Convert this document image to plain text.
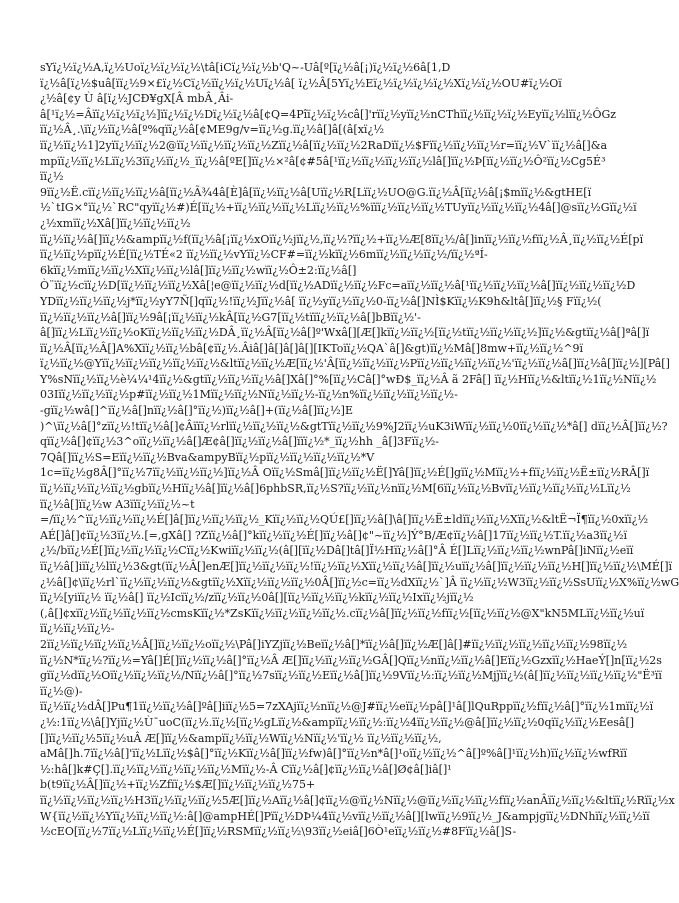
sYï¿½ï¿½A,ï¿½Uoï¿½ï¿½ï¿½\tâ[iCï¿½ï¿½b'Q~-Uâ[º[ï¿½â[¡)ï¿½ï¿½6â[1,D
ï¿½â[ï¿½$uâ[ïï¿½9×£ï¿½Cï¿½ïï¿½ï¿½Uï¿½â[ ï¿½Â[5Yï¿½Eï¿½ï¿½ï¿½ï¿½Xï¿½ï¿½OU#ï¿½Oï
¿½â[¢y Ù â[ï¿½JCÐ¥gX[Â mbÂ¸Âi-
â[¹ï¿½=Âïï¿½ï¿½ï¿½]ïï¿½ï¿½Dï¿½ï¿½â[¢Q=4Pîï¿½ï¿½câ[]'rïï¿½yïï¿½nCThïï¿½ïï¿½ï¿½Eyïï¿½lïï¿½ÔGz
ïï¿½Â¸.\ïï¿½ïï¿½â[º%qïï¿½â[¢ME9g/v=ïï¿½g.ïï¿½â[]â[(â[xï¿½
ïï¿½ïï¿½1]2yïï¿½ïï¿½2@ïï¿½ïï¿½ïï¿½ïï¿½Zïï¿½â[ïï¿½ïï¿½2RaDïï¿½$Fïï¿½ïï¿½ïï¿½r=ïï¿½V`ïï¿½â[]&a
mpïï¿½ïï¿½Lïï¿½3ïï¿½ïï¿½_ïï¿½â[ºE[]ïï¿½×²â[¢#5â[¹ïï¿½ïï¿½ïï¿½ïï¿½lâ[]ïï¿½Þ[ïï¿½ïï¿½Ô²ïï¿½Cg5É³
ïï¿½
9ïï¿½Ë.cïï¿½ïï¿½ïï¿½â[ïï¿½Ã¾4â[È]â[ïï¿½ïï¿½â[Uïï¿½R[Lïï¿½UO@G.ïï¿½Â[ïï¿½â[¡$mïï¿½&gtHE[ï
½`tIG×°ïï¿½`RC"qyïï¿½#)É[ïï¿½+ïï¿½ïï¿½ïï¿½Lïï¿½ïï¿½%ïïï¿½ïï¿½ïï¿½TUyïï¿½ïï¿½ïï¿½4â[]@sïï¿½Gïï¿½ï
¿½xmïï¿½Xâ[]ïï¿½ïï¿½ïï¿½
ïï¿½ïï¿½â[]ïï¿½&ampïï¿½f(ïï¿½â[¡ïï¿½xOïï¿½jïï¿½,ïï¿½?ïï¿½+ïï¿½Æ[8ïï¿½/â[]inïï¿½ïï¿½fïï¿½Â¸ïï¿½ïï¿½É[pï
ïï¿½ïï¿½pïï¿½É[ïï¿½TÉ«2 ïï¿½ïï¿½vYïï¿½CF#=ïï¿½kïï¿½6mïï¿½ïï¿½ïï¿½/ïï¿½ªÍ-
6kïï¿½mïï¿½ïï¿½Xïï¿½ïï¿½lâ[]ïï¿½ïï¿½wïï¿½Ô±2:ïï¿½â[]
Ò¨ïï¿½cïï¿½D[ïï¿½ïï¿½ïï¿½Xâ[¦e@ïï¿½ïï¿½d[ïï¿½ADïï¿½ïï¿½Fc=aïï¿½ïï¿½â[¹ïï¿½ïï¿½ïï¿½â[]ïï¿½ïï¿½ïï¿½D
YDïï¿½ïï¿½ïï¿½j*ïï¿½yY7Ñ[]qïï¿½!ïï¿½Jïï¿½â[ ïï¿½yïï¿½ïï¿½0-ïï¿½â[]NÌ$Kïï¿½K9h&ltâ[]ïï¿½§ Fïï¿½(
ïï¿½ïï¿½ïï¿½â[]ïï¿½9â[¡ïï¿½ïï¿½kÂ[ïï¿½G7[ïï¿½tïïï¿½ïï¿½â[]bBïï¿½'-
â[]ïï¿½Lïï¿½ïï¿½oKïï¿½ïï¿½ïï¿½DÂ¸ïï¿½Â[ïï¿½â[]º'Wxâ[][Æ[]kïï¿½ïï¿½[ïï¿½tïï¿½ïï¿½ïï¿½]ïï¿½&gtïï¿½â[]ªâ[]ï
ïï¿½Â[ïï¿½Â[]A%Xïï¿½ïï¿½bâ[¢ïï¿½.Âiâ[]â[]â[]â[][IKToïï¿½QA`â[]&gt)ïï¿½Mâ[]8mw+ïï¿½ïï¿½^9ï
ï¿½ïï¿½@Yïï¿½ïï¿½ïï¿½ïï¿½ïï¿½&ltïï¿½ïï¿½Æ[ïï¿½'Â[ïï¿½ïï¿½ïï¿½Pïï¿½ïï¿½ïï¿½ïï¿½'ïï¿½ïï¿½â[]ïï¿½â[]ïï¿½][Pâ[]
Y%sNïï¿½ïï¿½è¼¼¹4ïï¿½&gtïï¿½ïï¿½ïï¿½â[]Xâ[]°%[ïï¿½Câ[]°wÐ$_ïï¿½Â ã 2Fâ[] ïï¿½Hïï¿½&ltïï¿½1ïï¿½Nïï¿½
03Iïï¿½ïï¿½ïï¿½p#ïï¿½ïï¿½1Mïï¿½ïï¿½Nïï¿½ïï¿½-ïï¿½n%ïï¿½ïï¿½ïï¿½ïï¿½-
-gïï¿½wâ[]^ïï¿½â[]nïï¿½â[]°ïï¿½)ïï¿½â[]+(ïï¿½â[]ïï¿½]E
)^\ïï¿½â[]°zïï¿½!tïï¿½â[]¢Âïïï¿½rlïï¿½ïï¿½ïï¿½&gtTïï¿½ïï¿½9%J2ïï¿½uK3iWïï¿½ïï¿½0ïï¿½ïï¿½*â[] dïï¿½Â[]ïï¿½?
qïï¿½â[]¢ïï¿½3^oïï¿½ïï¿½â[]Æ¢â[]ïï¿½ïï¿½â[]ïïï¿½*_ïï¿½hh _â[]3Fïï¿½-
7Qâ[]ïï¿½S=Eïï¿½ïï¿½Bva&ampyBïï¿½pïï¿½ïï¿½ïï¿½ïï¿½*V
1c=ïï¿½g8Â[]°ïï¿½7ïï¿½ïï¿½ïï¿½]ïï¿½Â Oïï¿½Smâ[]ïï¿½ïï¿½Ë[]Yâ[]ïï¿½É[]gïï¿½Mïï¿½+fïï¿½ïï¿½Ë±ïï¿½RÂ[]ï
ïï¿½ïï¿½ïï¿½ïï¿½gbïï¿½Hïï¿½â[]ïï¿½â[]6phbSR,ïï¿½S?ïï¿½ïï¿½nïï¿½M[6ïï¿½ïï¿½Bvïï¿½ïï¿½ïï¿½ïï¿½Lïï¿½
ïï¿½â[]ïï¿½w A3ïïï¿½ïï¿½~t
=/ïï¿½^ïï¿½ïï¿½ïï¿½É[]â[]ïï¿½ïï¿½ïï¿½_Kïï¿½ïï¿½QÚ£[]ïï¿½â[]\â[]ïï¿½Ë±ldïï¿½ïï¿½Xïï¿½&ltË¬Ï¶ïï¿½0xïï¿½
AÉ[]â[]¢ïï¿½3ïï¿½.[=,gXâ[] ?Zïï¿½â[]°kïï¿½ïï¿½É[]ïï¿½â[]¢"~ïï¿½]Ý°B/Æ¢ïï¿½â[]17ïï¿½ïï¿½T.ïï¿½a3ïï¿½ï
¿½/bïï¿½É[]ïï¿½ïï¿½ïï¿½Cïï¿½Kwiïï¿½ïï¿½(â[][ïï¿½Dâ[]tâ[]Ï½Hïï¿½â[]°Â É[]Lïï¿½ïï¿½ïï¿½wnPâ[]iNïï¿½eïï
ïï¿½â[]iïï¿½lïï¿½3&gt(ïï¿½Â[]enÆ[]ïï¿½ïï¿½ïï¿½!ïï¿½ïï¿½Xïï¿½ïï¿½â[]ïï¿½uïï¿½â[]ïï¿½ïï¿½ïï¿½H[]ïï¿½ïï¿½\MÉ[]ï
¿½â[]¢\ïï¿½rl`ïï¿½ïï¿½ïï¿½&gtïï¿½Xïï¿½ïï¿½ïï¿½0Â[]ïï¿½c=ïï¿½dXïï¿½`]Â ïï¿½ïï¿½W3ïï¿½ïï¿½SsUïï¿½X%ïï¿½wG
ïï¿½[yiïï¿½ ïï¿½â[] ïï¿½Icïï¿½/zïï¿½ïï¿½0â[][ïï¿½ïï¿½ïï¿½kïï¿½ïï¿½Ixïï¿½jïï¿½
(,â[]¢xïï¿½ïï¿½ïï¿½ïï¿½cmsKïï¿½*ZsKïï¿½ïï¿½ïï¿½ïï¿½.cïï¿½â[]ïï¿½ïï¿½fïï¿½[ïï¿½ïï¿½@X"kN5MLïï¿½ïï¿½uï
ïï¿½ïï¿½ïï¿½-
2ïï¿½ïï¿½ïï¿½ïï¿½Â[]ïï¿½ïï¿½oïï¿½\Pâ[]iYZjïï¿½Beïï¿½â[]*ïï¿½â[]ïï¿½Æ[]â[]#ïï¿½ïï¿½ïï¿½ïï¿½ïï¿½98ïï¿½
ïï¿½N*ïï¿½?ïï¿½=Yâ[]É[]ïï¿½ïï¿½â[]°ïï¿½Â Æ[]ïï¿½ïï¿½ïï¿½GÂ[]Qïï¿½nïï¿½ïï¿½â[]Eïï¿½Gzxïï¿½HaeÝ[]n[ïï¿½2s
gïï¿½dïï¿½Oïï¿½ïï¿½ïï¿½/Nïï¿½â[]°ïï¿½7sïï¿½ïï¿½Eïï¿½â[]ïï¿½9Vïï¿½:ïï¿½ïï¿½Mjj̈ïï¿½(â[]ïï¿½ïï¿½ïï¿½ïï¿½"Ë³ïï
ïï¿½@)-
ïï¿½ïï¿½dÂ[]Pu¶1ïï¿½ïï¿½â[]ºâ[]iïï¿½5=7zXAjïï¿½nïï¿½@J#ïï¿½eïï¿½pâ[]¹â[]lQuRppïï¿½fïï¿½â[]°ïï¿½1mïï¿½ï
¿½:1ïï¿½\â[]Yjïï¿½Ù¯uoC(ïï¿½.ïï¿½[ïï¿½gLïï¿½&ampïï¿½ïï¿½:ïï¿½4ïï¿½ïï¿½@â[]ïï¿½ïï¿½0qïï¿½ïï¿½Eesâ[]
[]ïï¿½ïï¿½5ïï¿½uÂ Æ[]ïï¿½&ampïï¿½ïï¿½Wïï¿½Nïï¿½'ïï¿½ ïï¿½ïï¿½ïï¿½,
aMâ[]h.7ïï¿½â[]'ïï¿½Lïï¿½$â[]°ïï¿½Kïï¿½â[]ïï¿½fw)â[]°ïï¿½n*â[]¹oïï¿½ïï¿½^â[]º%â[]¹ïï¿½h)ïï¿½ïï¿½wfRïï
½:hâ[]k#Ç[].ïï¿½ïï¿½ïï¿½ïï¿½ïï¿½Mïï¿½-Â Cïï¿½â[]¢ïï¿½ïï¿½â[]Ø¢â[]iâ[]¹
b(t9ïï¿½Â[]ïï¿½+ïï¿½Zfïï¿½$Æ[]ïï¿½ïï¿½ïï¿½75+
ïï¿½ïï¿½ïï¿½ïï¿½H3ïï¿½ïï¿½ïï¿½5Æ[]ïï¿½Aïï¿½â[]¢ïï¿½@ïï¿½Nïï¿½@ïï¿½ïï¿½ïï¿½fïï¿½anÂïï¿½ïï¿½&ltïï¿½Rïï¿½x
W{ïï¿½ïï¿½Yïï¿½ïï¿½ïï¿½:â[]@ampHÉ[]Pïï¿½DÞ¼4ïï¿½vïï¿½ïï¿½â[][lwïï¿½9ïï¿½_J&ampjgïï¿½DNhïï¿½ïï¿½ïï
½cEO[ïï¿½7ïï¿½Lïï¿½ïï¿½É[]ïï¿½RSMïï¿½ïï¿½\93ïï¿½eiâ[]6Ò¹eïï¿½ïï¿½#8Fïï¿½â[]S-
